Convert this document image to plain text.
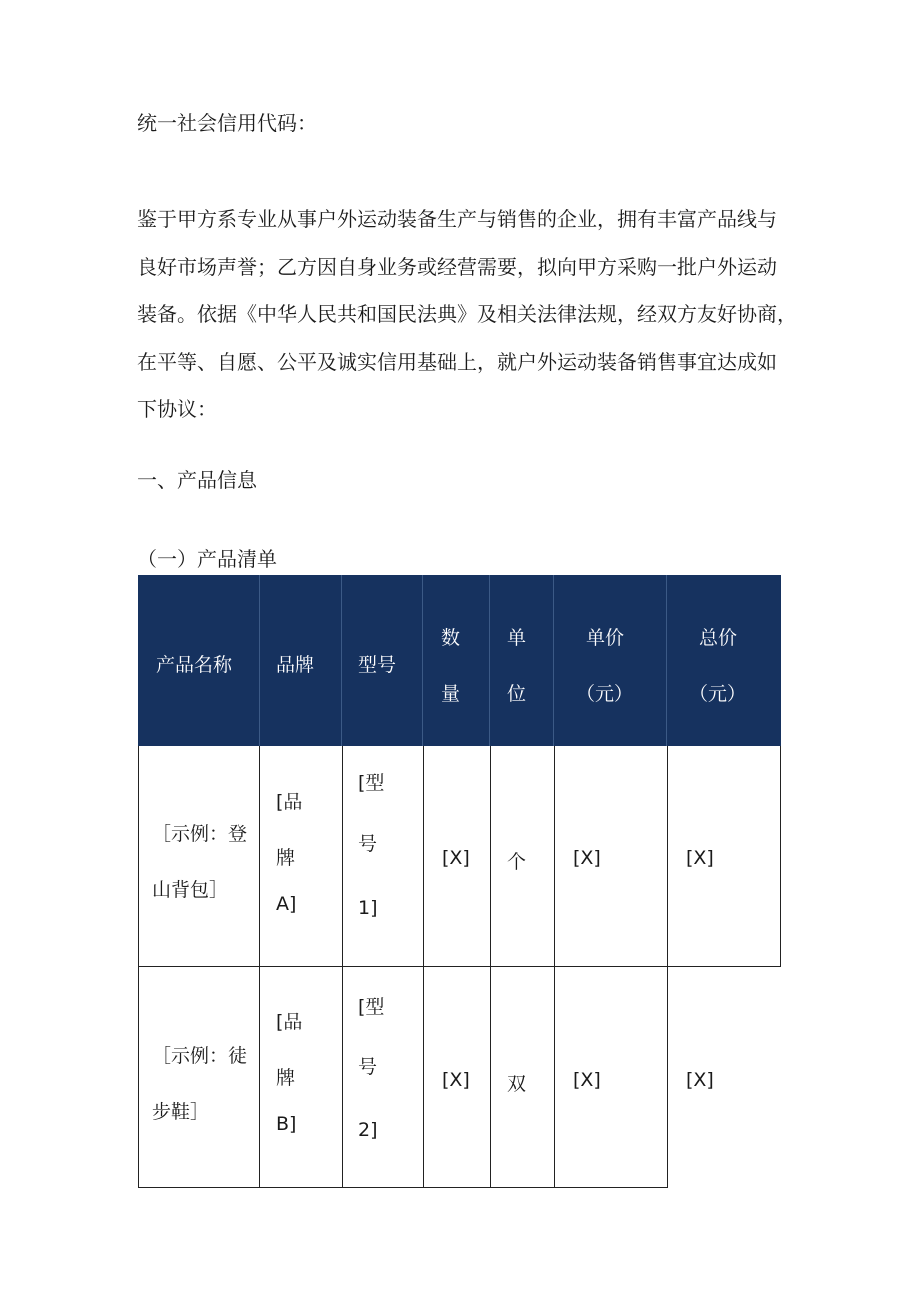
统一社会信用代码：
鉴于甲方系专业从事户外运动装备生产与销售的企业，拥有丰富产品线与
良好市场声誉；乙方因自身业务或经营需要，拟向甲方采购一批户外运动
装备。依据《中华人民共和国民法典》及相关法律法规，经双方友好协商，
在平等、自愿、公平及诚实信用基础上，就户外运动装备销售事宜达成如
下协议：
一、产品信息
（一）产品清单
产品名称 品牌 型号
数
量
单
位
单价
（元）
总价
（元）
［示例：登
山背包］
[品
牌
A]
[型
号
1]
[X] 个 [X]	[X]
［示例：徒
步鞋］
[品
牌
B]
[型
号
2]
[X] 双 [X]	[X]
